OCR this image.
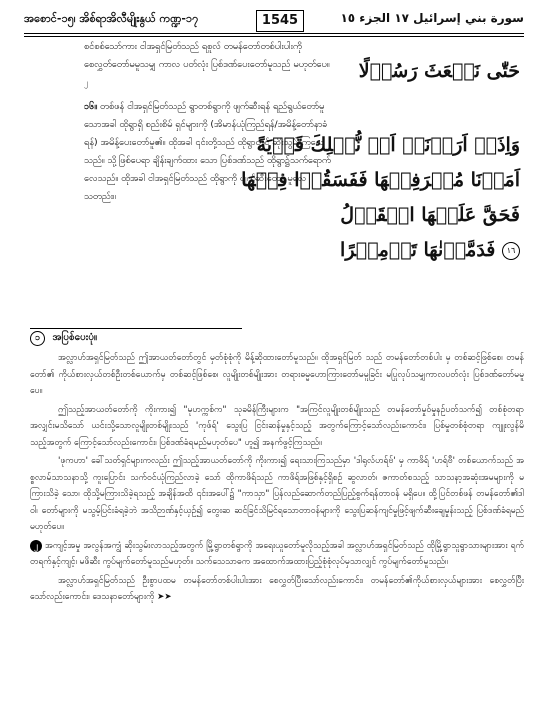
အစောင်-၁၅၊ အိစ်ရာအိလီမျိုးနွယ် ကဏ္ဍ-၁၇	1545	سورة بني إسرائيل ١٧ الجزء ١٥

စင်စစ်သော်ကား ငါအရှင်မြတ်သည် ရစူလ် တမန်တော်တစ်ပါးပါးကို စေလွှတ်တော်မမူသမျှ ကာလ ပတ်လုံး ပြစ်ဒဏ်ပေးတော်မူသည် မဟုတ်ပေ။ $^၂$

၁၆။ တစ်ဖန် ငါအရှင်မြတ်သည် ရွာတစ်ရွာကို ဖျက်ဆီးရန် ရည်ရွယ်တော်မူသောအခါ ထိုရွာရှိ စည်းစိမ် ရှင်များကို (အိမာန်ယုံကြည်ရန်/အမိန့်တော်နာခံရန်) အမိန့်ပေးတော်မူ၏။ ထိုအခါ ၎င်းတို့သည် ထိုရွာတွင် ဆိုးသွမ်းကြလေသည်။ သို့ဖြစ်ပေရာ ချိန်းချက်ထား သော ပြစ်ဒဏ်သည် ထိုရွာ၌သက်ရောက်လေသည်။ ထိုအခါ ငါအရှင်မြတ်သည် ထိုရွာကို ဖျက်ဆီးတော် မူလေသတည်း။

حَتّٰى نَبۡعَثَ رَسُوۡلًا
وَاِذَاۤ اَرَدۡنَاۤ اَنۡ نُّهۡلِكَ قَرۡيَةً
اَمَرۡنَا مُتۡرَفِيۡهَا فَفَسَقُوۡا فِيۡهَا
فَحَقَّ عَلَيۡهَا الۡقَوۡلُ
١٦ فَدَمَّرۡنٰهَا تَدۡمِيۡرًا
၁ အပြစ်ပေးပုံ။

အလ္လာဟ်အရှင်မြတ်သည် ဤအာယတ်တော်တွင် မှတ်စုံစုံကို မိန့်ဆိုထားတော်မူသည်။ ထိုအရှင်မြတ် သည် တမန်တော်တစ်ပါး မှ တစ်ဆင့်ဖြစ်စေ၊ တမန်တော်၏ ကိုယ်စားလှယ်တစ်ဦးတစ်ယောက်မှ တစ်ဆင့်ဖြစ်စေ၊ လူမျိုးတစ်မျိုးအား တရားဓမ္မဟောကြားတော်မမူခြင်း မပြုလုပ်သမျှကာလပတ်လုံး ပြစ်ဒဏ်တော်မမူပေ။

ဤသည့်အာယတ်တော်ကို ကိုးကား၍ "မုဟက္ကစ်က" သုခမိန်ကြီးများက "အကြင်လူမျိုးတစ်မျိုးသည် တမန်တော်မှုဝ်မှုနဉ်ပတ်သက်၍ တစ်စုံတရာအလျှင်းမသိသော် ယင်းသို့သောလူမျိုးတစ်မျိုးသည် 'ကုဖ်ရ်' သွေးပြ ငြင်းဆန်မှုနှင့်သည့် အတွက်ကြောင့်သော်လည်းကောင်း၊ ပြစ်မှုတစ်စုံတရာ ကျူးလွန်မိသည့်အတွက် ကြောင့်သော်လည်းကောင်း၊ ပြစ်ဒဏ်ခံရမည်မဟုတ်ပေ" ဟူ၍ အနက်ဖွင့်ကြသည်။

'ဖုကဟာ' ခေါ်သတ်ရှင်များကလည်း ဤသည့်အာယတ်တော်ကို ကိုးကား၍ ရေးသားကြသည်မှာ 'ဒါရုလ်ဟရ်ဗ်' မှ ကာဖိရ် 'ဟရ်ဗီ' တစ်ယောက်သည် အစ္စလာမ်သာသနာသို့ ကူးပြောင်း သက်ဝင်ယုံကြည်လာခဲ့ သော် ထိုကာဖိရ်သည် ကာဖိရ်အဖြစ်နှင့်ရှိစဉ် ဆွလာတ်၊ ဇကာတ်စသည့် သာသနာ့အဆုံးအမများကို မကြားသိခဲ့ သော၊ ထိုသို့မကြားသိခဲ့ရသည့် အချိန်အထိ ၎င်းအပေါ်၌ "ကာသှာ" ပြန်လည်ဆောက်တည်ပြည့်စွက်ရန်တာဝန် မရှိပေ။ ထို့ပြင်တစ်ဖန် တမန်တော်၏ဒါဝါ၊ တော်များကို မသွမ့်ပြင်းခံရခဲ့ဘဲ အသိဉာဏ်နှင့်ယှဉ်၍ တွေးဆ ဆင်ခြင်သိမြင်ရသောတာဝန်များကို သွေးပြဆန်ကျင်မှုဖြင့်ဖျက်ဆီးချေမှုန်းသည့် ပြစ်ဒဏ်ခံရမည် မဟုတ်ပေ။

၂ အကျင့်အမှု အလွန်အကျွံ ဆိုးသွမ်းလာသည့်အတွက် မြို့ရွာတစ်ရွာကို အရေးယူတော်မူလိုသည့်အခါ အလ္လာဟ်အရှင်မြတ်သည် ထိုမြို့ရွာသူရွာသားများအား ရက်တရက်နှင့်ကျင့်၊ မဖိဆီး ကွပ်မျက်တော်မူသည်မဟုတ်။ သက်သေသာဓက အထောက်အထားပြည့်စုံစုံလုပ်မှသာလျှင် ကွပ်မျက်တော်မူသည်။

အလ္လာဟ်အရှင်မြတ်သည် ဦးစွာပထမ တမန်တော်တစ်ပါးပါးအား စေလွှတ်ပြီးသော်လည်းကောင်း၊ တမန်တော်၏ကိုယ်စားလှယ်များအား စေလွှတ်ပြီးသော်လည်းကောင်း၊ ဒေသနာတော်များကို ➤➤
